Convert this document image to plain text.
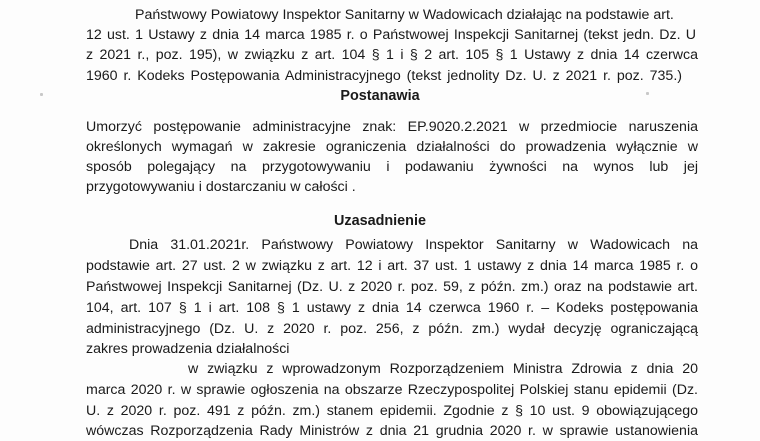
Państwowy Powiatowy Inspektor Sanitarny w Wadowicach działając na podstawie art.
12 ust. 1 Ustawy z dnia 14 marca 1985 r. o Państwowej Inspekcji Sanitarnej (tekst jedn. Dz. U
z 2021 r., poz. 195), w związku z art. 104 § 1 i § 2 art. 105 § 1 Ustawy z dnia 14 czerwca
1960 r. Kodeks Postępowania Administracyjnego (tekst jednolity Dz. U. z 2021 r. poz. 735.)
Postanawia
Umorzyć postępowanie administracyjne znak: EP.9020.2.2021 w przedmiocie naruszenia
określonych wymagań w zakresie ograniczenia działalności do prowadzenia wyłącznie w
sposób polegający na przygotowywaniu i podawaniu żywności na wynos lub jej
przygotowywaniu i dostarczaniu w całości .
Uzasadnienie
Dnia 31.01.2021r. Państwowy Powiatowy Inspektor Sanitarny w Wadowicach na
podstawie art. 27 ust. 2 w związku z art. 12 i art. 37 ust. 1 ustawy z dnia 14 marca 1985 r. o
Państwowej Inspekcji Sanitarnej (Dz. U. z 2020 r. poz. 59, z późn. zm.) oraz na podstawie art.
104, art. 107 § 1 i art. 108 § 1 ustawy z dnia 14 czerwca 1960 r. – Kodeks postępowania
administracyjnego (Dz. U. z 2020 r. poz. 256, z późn. zm.) wydał decyzję ograniczającą
zakres prowadzenia działalności
w związku z wprowadzonym Rozporządzeniem Ministra Zdrowia z dnia 20
marca 2020 r. w sprawie ogłoszenia na obszarze Rzeczypospolitej Polskiej stanu epidemii (Dz.
U. z 2020 r. poz. 491 z późn. zm.) stanem epidemii. Zgodnie z § 10 ust. 9 obowiązującego
wówczas Rozporządzenia Rady Ministrów z dnia 21 grudnia 2020 r. w sprawie ustanowienia
